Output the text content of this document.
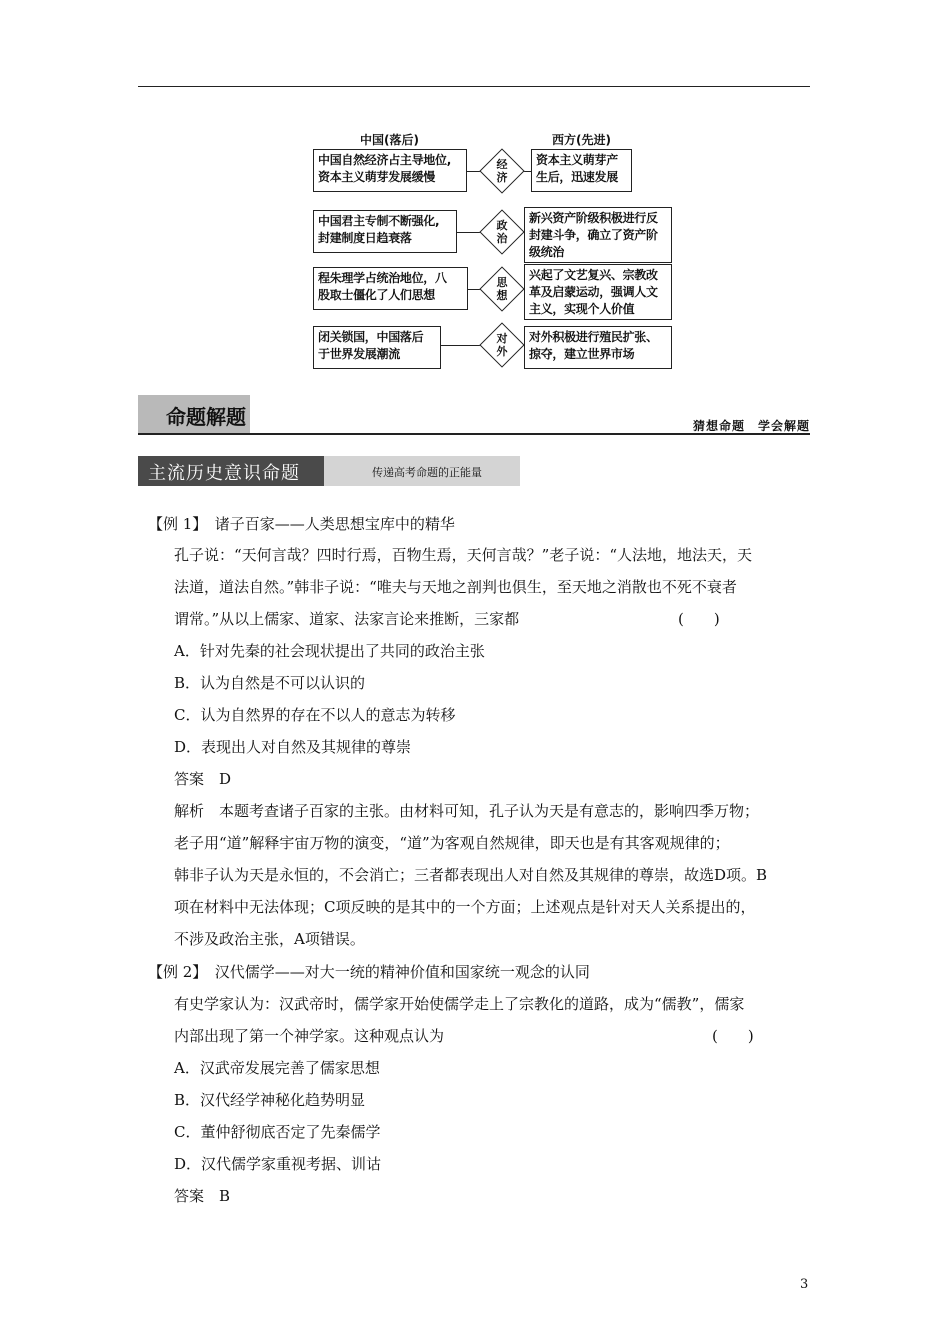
中国(落后)	西方(先进)
中国自然经济占主导地位,
资本主义萌芽发展缓慢
经
济
资本主义萌芽产
生后，迅速发展
中国君主专制不断强化,
封建制度日趋衰落
政
治
新兴资产阶级积极进行反
封建斗争，确立了资产阶
级统治
程朱理学占统治地位，八
股取士僵化了人们思想
思
想
兴起了文艺复兴、宗教改
革及启蒙运动，强调人文
主义，实现个人价值
闭关锁国，中国落后
于世界发展潮流
对
外
对外积极进行殖民扩张、
掠夺，建立世界市场
命题解题	猜想命题　学会解题
主流历史意识命题	传递高考命题的正能量
【例 1】　诸子百家——人类思想宝库中的精华
孔子说：“天何言哉？四时行焉，百物生焉，天何言哉？”老子说：“人法地，地法天，天
法道，道法自然。”韩非子说：“唯夫与天地之剖判也俱生，至天地之消散也不死不衰者
谓常。”从以上儒家、道家、法家言论来推断，三家都	(　　)
A．针对先秦的社会现状提出了共同的政治主张
B．认为自然是不可以认识的
C．认为自然界的存在不以人的意志为转移
D．表现出人对自然及其规律的尊崇
答案　D
解析　本题考查诸子百家的主张。由材料可知，孔子认为天是有意志的，影响四季万物；
老子用“道”解释宇宙万物的演变，“道”为客观自然规律，即天也是有其客观规律的；
韩非子认为天是永恒的，不会消亡；三者都表现出人对自然及其规律的尊崇，故选D项。B
项在材料中无法体现；C项反映的是其中的一个方面；上述观点是针对天人关系提出的，
不涉及政治主张，A项错误。
【例 2】　汉代儒学——对大一统的精神价值和国家统一观念的认同
有史学家认为：汉武帝时，儒学家开始使儒学走上了宗教化的道路，成为“儒教”，儒家
内部出现了第一个神学家。这种观点认为	(　　)
A．汉武帝发展完善了儒家思想
B．汉代经学神秘化趋势明显
C．董仲舒彻底否定了先秦儒学
D．汉代儒学家重视考据、训诂
答案　B
3
